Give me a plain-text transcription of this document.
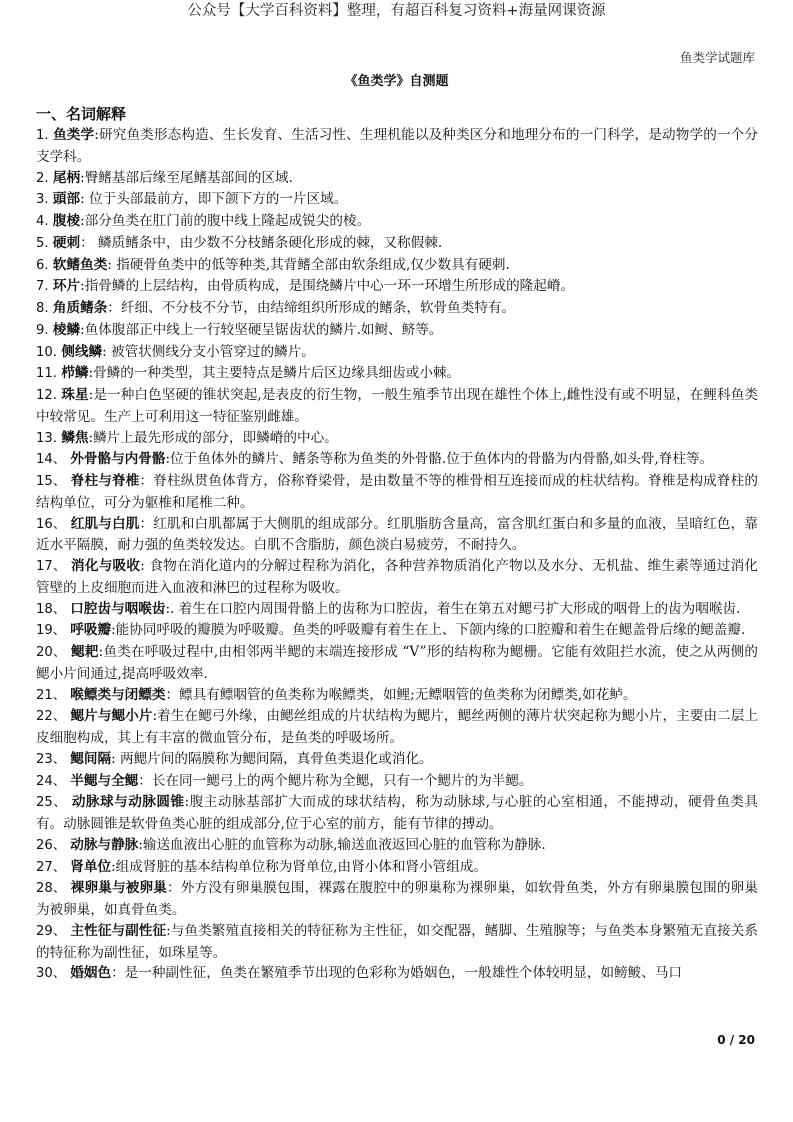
公众号【大学百科资料】整理，有超百科复习资料+海量网课资源
鱼类学试题库
《鱼类学》自测题
一、名词解释

1. 鱼类学:研究鱼类形态构造、生长发育、生活习性、生理机能以及种类区分和地理分布的一门科学，是动物学的一个分支学科。

2. 尾柄:臀鳍基部后缘至尾鳍基部间的区域.

3. 頭部: 位于头部最前方，即下颌下方的一片区域。

4. 腹棱:部分鱼类在肛门前的腹中线上隆起成锐尖的棱。

5. 硬刺： 鳞质鳍条中，由少数不分枝鳍条硬化形成的棘，又称假棘.

6. 软鳍鱼类: 指硬骨鱼类中的低等种类,其背鳍全部由软条组成,仅少数具有硬刺.

7. 环片:指骨鳞的上层结构，由骨质构成，是围绕鳞片中心一环一环增生所形成的隆起嵴。

8. 角质鳍条：纤细、不分枝不分节，由结缔组织所形成的鳍条，软骨鱼类特有。

9. 棱鳞:鱼体腹部正中线上一行较坚硬呈锯齿状的鳞片.如鲥、鲚等。

10. 侧线鳞: 被管状侧线分支小管穿过的鳞片。

11. 栉鳞:骨鳞的一种类型，其主要特点是鳞片后区边缘具细齿或小棘。

12. 珠星:是一种白色坚硬的锥状突起,是表皮的衍生物，一般生殖季节出现在雄性个体上,雌性没有或不明显，在鲤科鱼类中较常见。生产上可利用这一特征鉴别雌雄。

13. 鳞焦:鳞片上最先形成的部分，即鳞嵴的中心。

14、 外骨骼与内骨骼:位于鱼体外的鳞片、鳍条等称为鱼类的外骨骼.位于鱼体内的骨骼为内骨骼,如头骨,脊柱等。

15、 脊柱与脊椎：脊柱纵贯鱼体背方，俗称脊梁骨，是由数量不等的椎骨相互连接而成的柱状结构。脊椎是构成脊柱的结构单位，可分为躯椎和尾椎二种。

16、 红肌与白肌：红肌和白肌都属于大侧肌的组成部分。红肌脂肪含量高，富含肌红蛋白和多量的血液，呈暗红色，靠近水平隔膜，耐力强的鱼类较发达。白肌不含脂肪，颜色淡白易疲劳，不耐持久。

17、 消化与吸收: 食物在消化道内的分解过程称为消化，各种营养物质消化产物以及水分、无机盐、维生素等通过消化管壁的上皮细胞而进入血液和淋巴的过程称为吸收。

18、 口腔齿与咽喉齿:. 着生在口腔内周围骨骼上的齿称为口腔齿，着生在第五对鳃弓扩大形成的咽骨上的齿为咽喉齿.

19、 呼吸瓣:能协同呼吸的瓣膜为呼吸瓣。鱼类的呼吸瓣有着生在上、下颌内缘的口腔瓣和着生在鳃盖骨后缘的鳃盖瓣.

20、 鳃耙:鱼类在呼吸过程中,由相邻两半鳃的末端连接形成 “V”形的结构称为鳃栅。它能有效阻拦水流，使之从两侧的鳃小片间通过,提高呼吸效率.

21、 喉鳔类与闭鳔类：鳔具有鳔咽管的鱼类称为喉鳔类，如鲤;无鳔咽管的鱼类称为闭鳔类,如花鲈。

22、 鳃片与鳃小片:着生在鳃弓外缘，由鳃丝组成的片状结构为鳃片，鳃丝两侧的薄片状突起称为鳃小片，主要由二层上皮细胞构成，其上有丰富的微血管分布，是鱼类的呼吸场所。

23、 鳃间隔: 两鳃片间的隔膜称为鳃间隔，真骨鱼类退化或消化。

24、 半鳃与全鳃：长在同一鳃弓上的两个鳃片称为全鳃，只有一个鳃片的为半鳃。

25、 动脉球与动脉圆锥:腹主动脉基部扩大而成的球状结构，称为动脉球,与心脏的心室相通，不能搏动，硬骨鱼类具有。动脉圆锥是软骨鱼类心脏的组成部分,位于心室的前方，能有节律的搏动。

26、 动脉与静脉:输送血液出心脏的血管称为动脉,输送血液返回心脏的血管称为静脉.

27、 肾单位:组成肾脏的基本结构单位称为肾单位,由肾小体和肾小管组成。

28、 裸卵巢与被卵巢：外方没有卵巢膜包围，裸露在腹腔中的卵巢称为裸卵巢，如软骨鱼类，外方有卵巢膜包围的卵巢为被卵巢，如真骨鱼类。

29、 主性征与副性征:与鱼类繁殖直接相关的特征称为主性征，如交配器，鳍脚、生殖腺等；与鱼类本身繁殖无直接关系的特征称为副性征，如珠星等。

30、 婚姻色：是一种副性征，鱼类在繁殖季节出现的色彩称为婚姻色，一般雄性个体较明显，如鳑鲏、马口

0 / 20
